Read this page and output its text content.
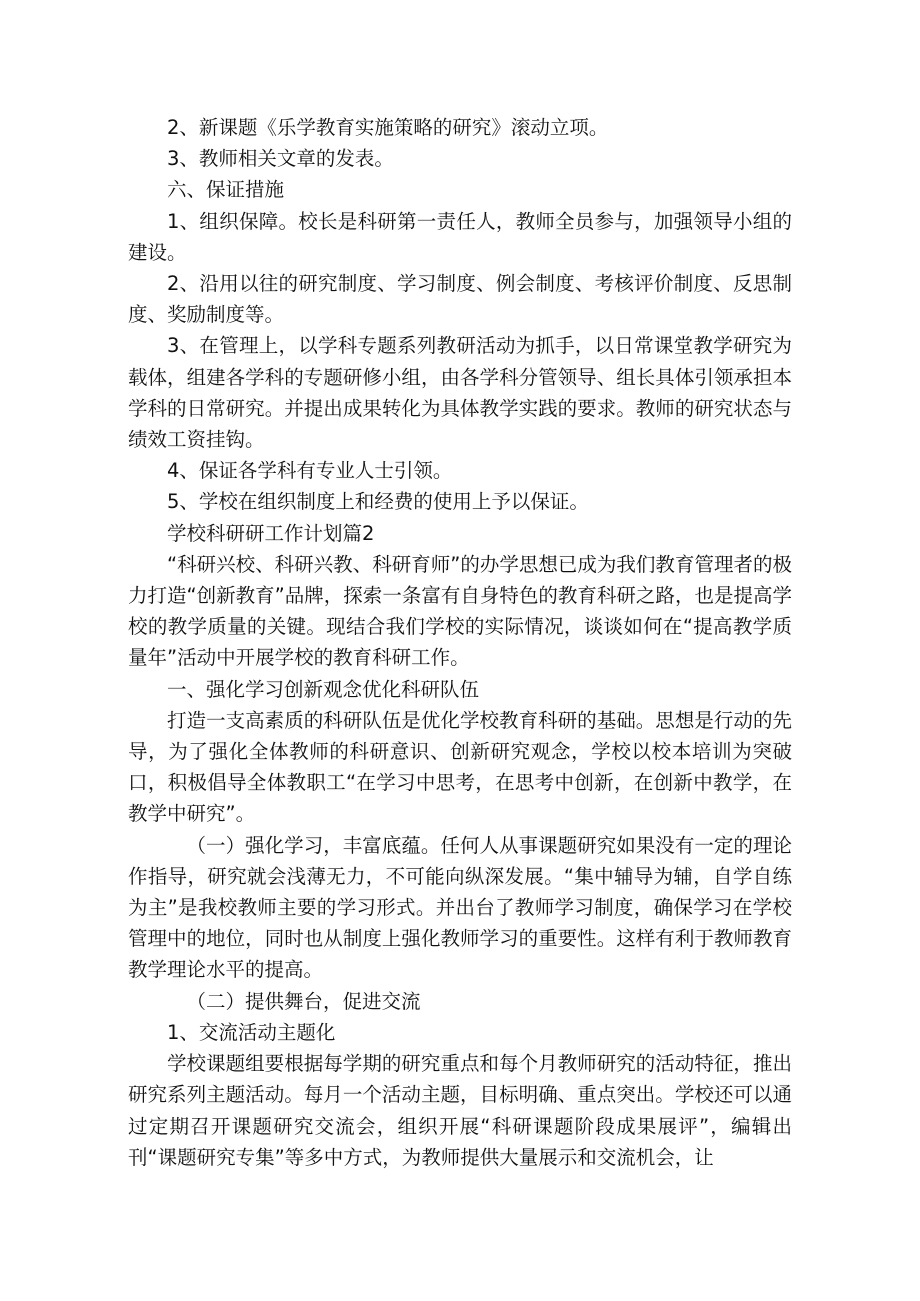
2、新课题《乐学教育实施策略的研究》滚动立项。

3、教师相关文章的发表。

六、保证措施

1、组织保障。校长是科研第一责任人，教师全员参与，加强领导小组的建设。

2、沿用以往的研究制度、学习制度、例会制度、考核评价制度、反思制度、奖励制度等。

3、在管理上，以学科专题系列教研活动为抓手，以日常课堂教学研究为载体，组建各学科的专题研修小组，由各学科分管领导、组长具体引领承担本学科的日常研究。并提出成果转化为具体教学实践的要求。教师的研究状态与绩效工资挂钩。

4、保证各学科有专业人士引领。

5、学校在组织制度上和经费的使用上予以保证。

学校科研研工作计划篇2

“科研兴校、科研兴教、科研育师”的办学思想已成为我们教育管理者的极力打造“创新教育”品牌，探索一条富有自身特色的教育科研之路，也是提高学校的教学质量的关键。现结合我们学校的实际情况，谈谈如何在“提高教学质量年”活动中开展学校的教育科研工作。

一、强化学习创新观念优化科研队伍

打造一支高素质的科研队伍是优化学校教育科研的基础。思想是行动的先导，为了强化全体教师的科研意识、创新研究观念，学校以校本培训为突破口，积极倡导全体教职工“在学习中思考，在思考中创新，在创新中教学，在教学中研究”。

（一）强化学习，丰富底蕴。任何人从事课题研究如果没有一定的理论作指导，研究就会浅薄无力，不可能向纵深发展。“集中辅导为辅，自学自练为主”是我校教师主要的学习形式。并出台了教师学习制度，确保学习在学校管理中的地位，同时也从制度上强化教师学习的重要性。这样有利于教师教育教学理论水平的提高。

（二）提供舞台，促进交流

1、交流活动主题化

学校课题组要根据每学期的研究重点和每个月教师研究的活动特征，推出研究系列主题活动。每月一个活动主题，目标明确、重点突出。学校还可以通过定期召开课题研究交流会，组织开展“科研课题阶段成果展评”，编辑出刊“课题研究专集”等多中方式，为教师提供大量展示和交流机会，让
